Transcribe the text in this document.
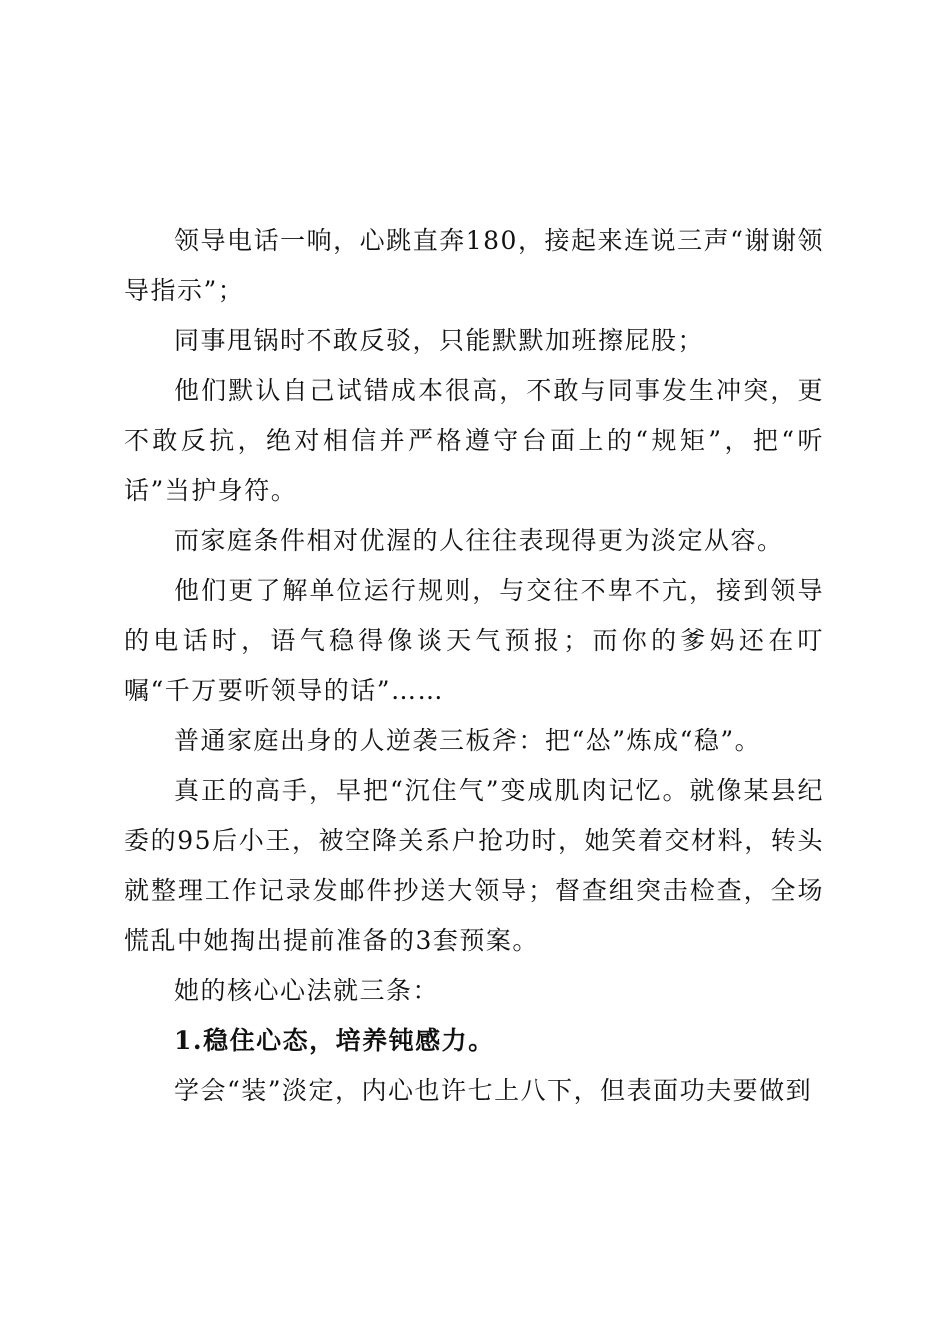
领导电话一响，心跳直奔180，接起来连说三声“谢谢领导指示”；

同事甩锅时不敢反驳，只能默默加班擦屁股；

他们默认自己试错成本很高，不敢与同事发生冲突，更不敢反抗，绝对相信并严格遵守台面上的“规矩”，把“听话”当护身符。

而家庭条件相对优渥的人往往表现得更为淡定从容。

他们更了解单位运行规则，与交往不卑不亢，接到领导的电话时，语气稳得像谈天气预报；而你的爹妈还在叮嘱“千万要听领导的话”……

普通家庭出身的人逆袭三板斧：把“怂”炼成“稳”。

真正的高手，早把“沉住气”变成肌肉记忆。就像某县纪委的95后小王，被空降关系户抢功时，她笑着交材料，转头就整理工作记录发邮件抄送大领导；督查组突击检查，全场慌乱中她掏出提前准备的3套预案。

她的核心心法就三条：

1.稳住心态，培养钝感力。

学会“装”淡定，内心也许七上八下，但表面功夫要做到
